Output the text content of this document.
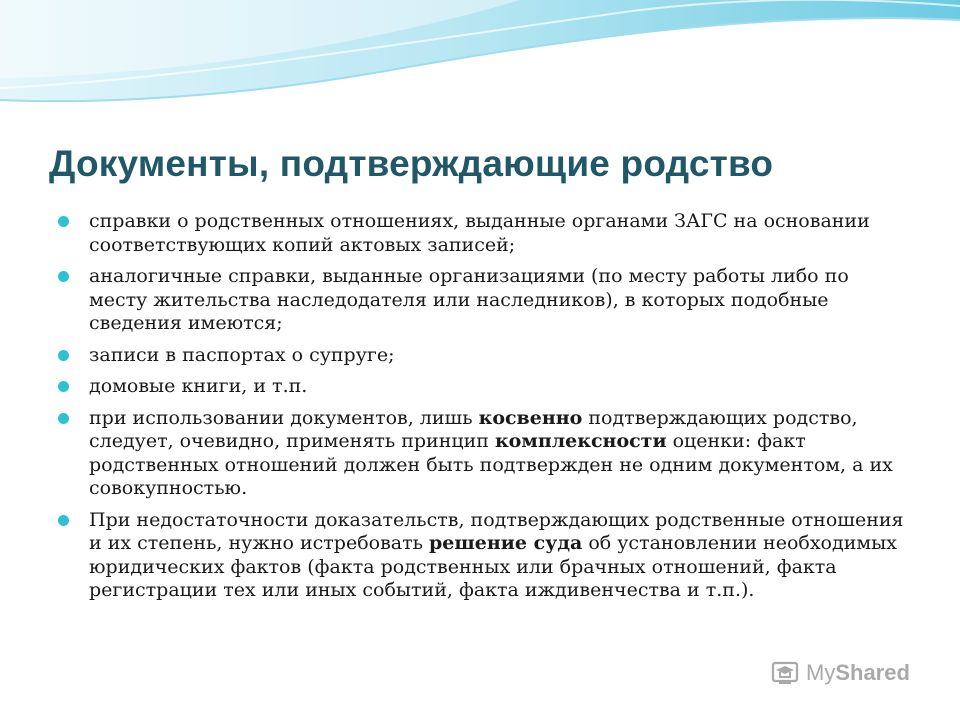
Документы, подтверждающие родство
справки о родственных отношениях, выданные органами ЗАГС на основании соответствующих копий актовых записей;
аналогичные справки, выданные организациями (по месту работы либо по месту жительства наследодателя или наследников), в которых подобные сведения имеются;
записи в паспортах о супруге;
домовые книги, и т.п.
при использовании документов, лишь косвенно подтверждающих родство, следует, очевидно, применять принцип комплексности оценки: факт родственных отношений должен быть подтвержден не одним документом, а их совокупностью.
При недостаточности доказательств, подтверждающих родственные отношения и их степень, нужно истребовать решение суда об установлении необходимых юридических фактов (факта родственных или брачных отношений, факта регистрации тех или иных событий, факта иждивенчества и т.п.).
MyShared
